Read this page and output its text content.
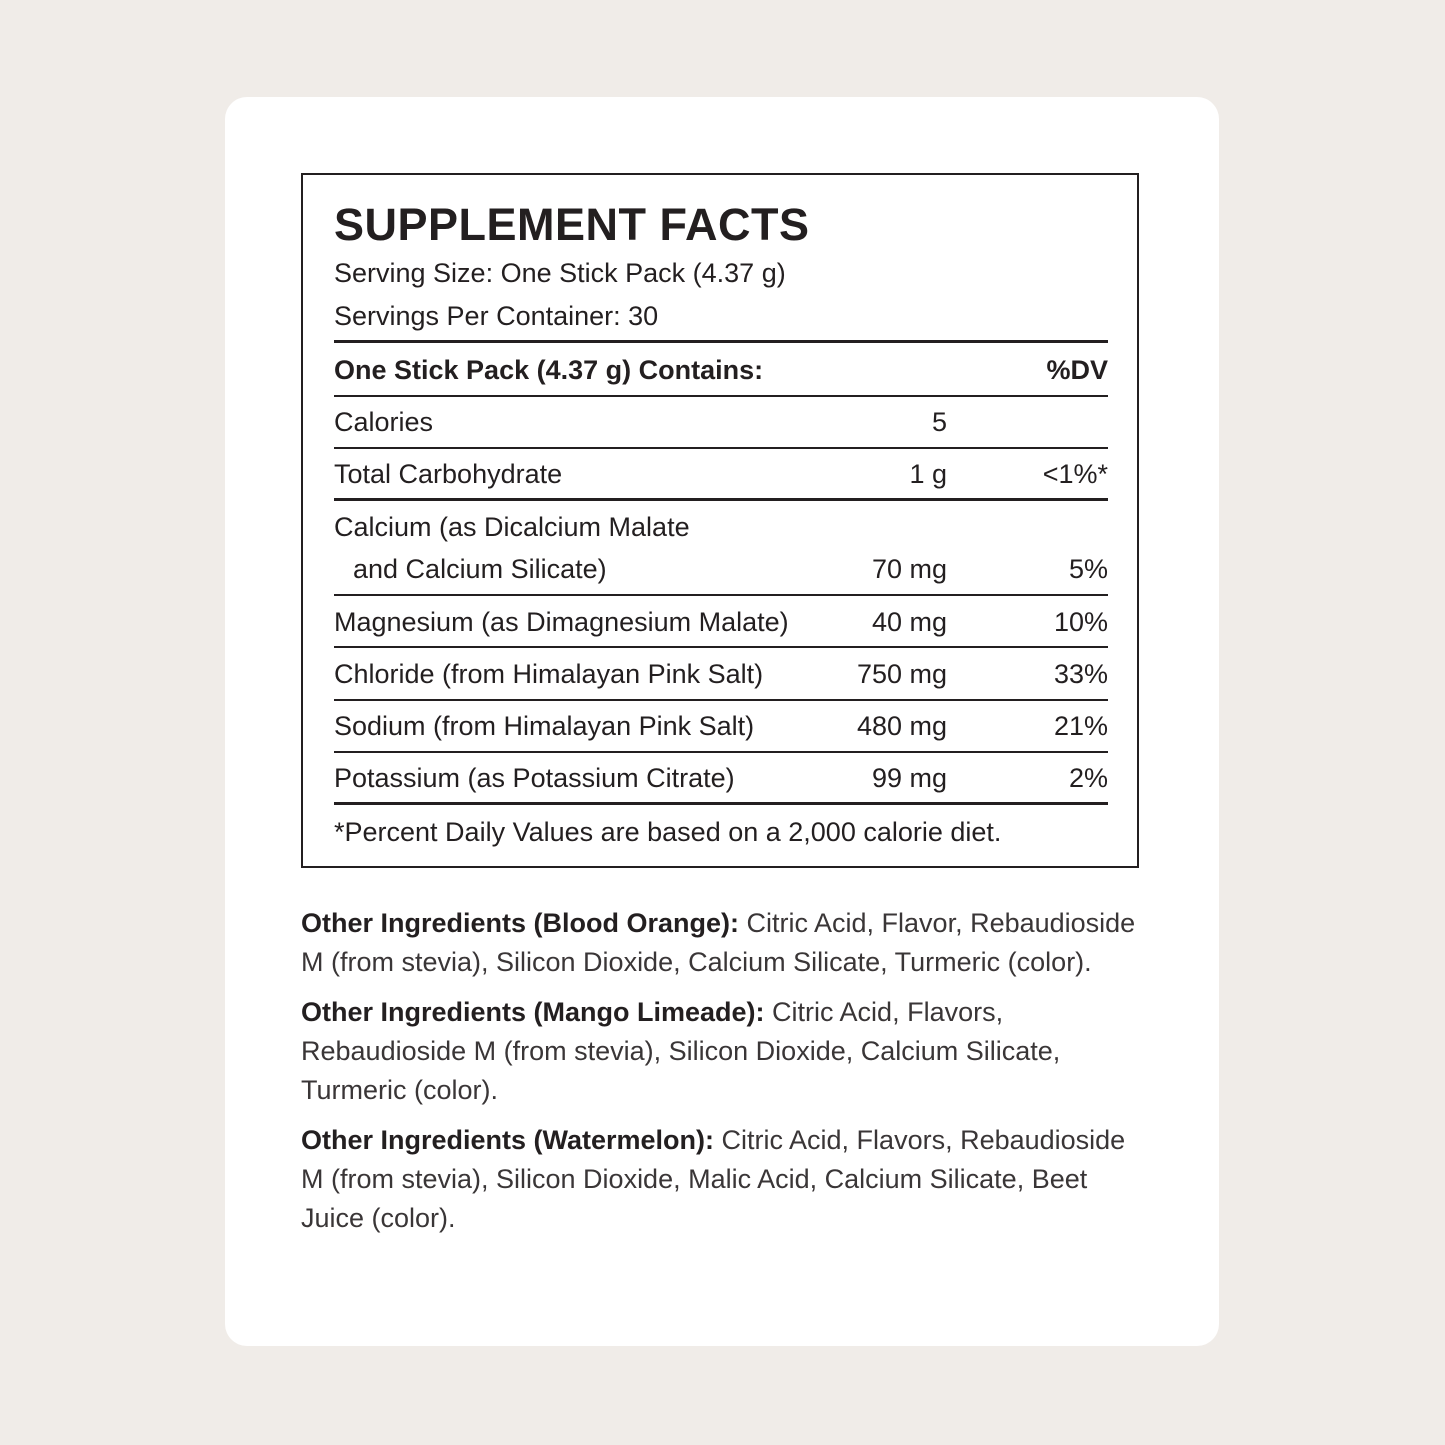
SUPPLEMENT FACTS
Serving Size: One Stick Pack (4.37 g)
Servings Per Container: 30
One Stick Pack (4.37 g) Contains:	%DV
Calories	5
Total Carbohydrate	1 g	<1%*
Calcium (as Dicalcium Malate
and Calcium Silicate)	70 mg	5%
Magnesium (as Dimagnesium Malate)	40 mg	10%
Chloride (from Himalayan Pink Salt)	750 mg	33%
Sodium (from Himalayan Pink Salt)	480 mg	21%
Potassium (as Potassium Citrate)	99 mg	2%
*Percent Daily Values are based on a 2,000 calorie diet.

Other Ingredients (Blood Orange): Citric Acid, Flavor, Rebaudioside M (from stevia), Silicon Dioxide, Calcium Silicate, Turmeric (color).

Other Ingredients (Mango Limeade): Citric Acid, Flavors, Rebaudioside M (from stevia), Silicon Dioxide, Calcium Silicate, Turmeric (color).

Other Ingredients (Watermelon): Citric Acid, Flavors, Rebaudioside M (from stevia), Silicon Dioxide, Malic Acid, Calcium Silicate, Beet Juice (color).
